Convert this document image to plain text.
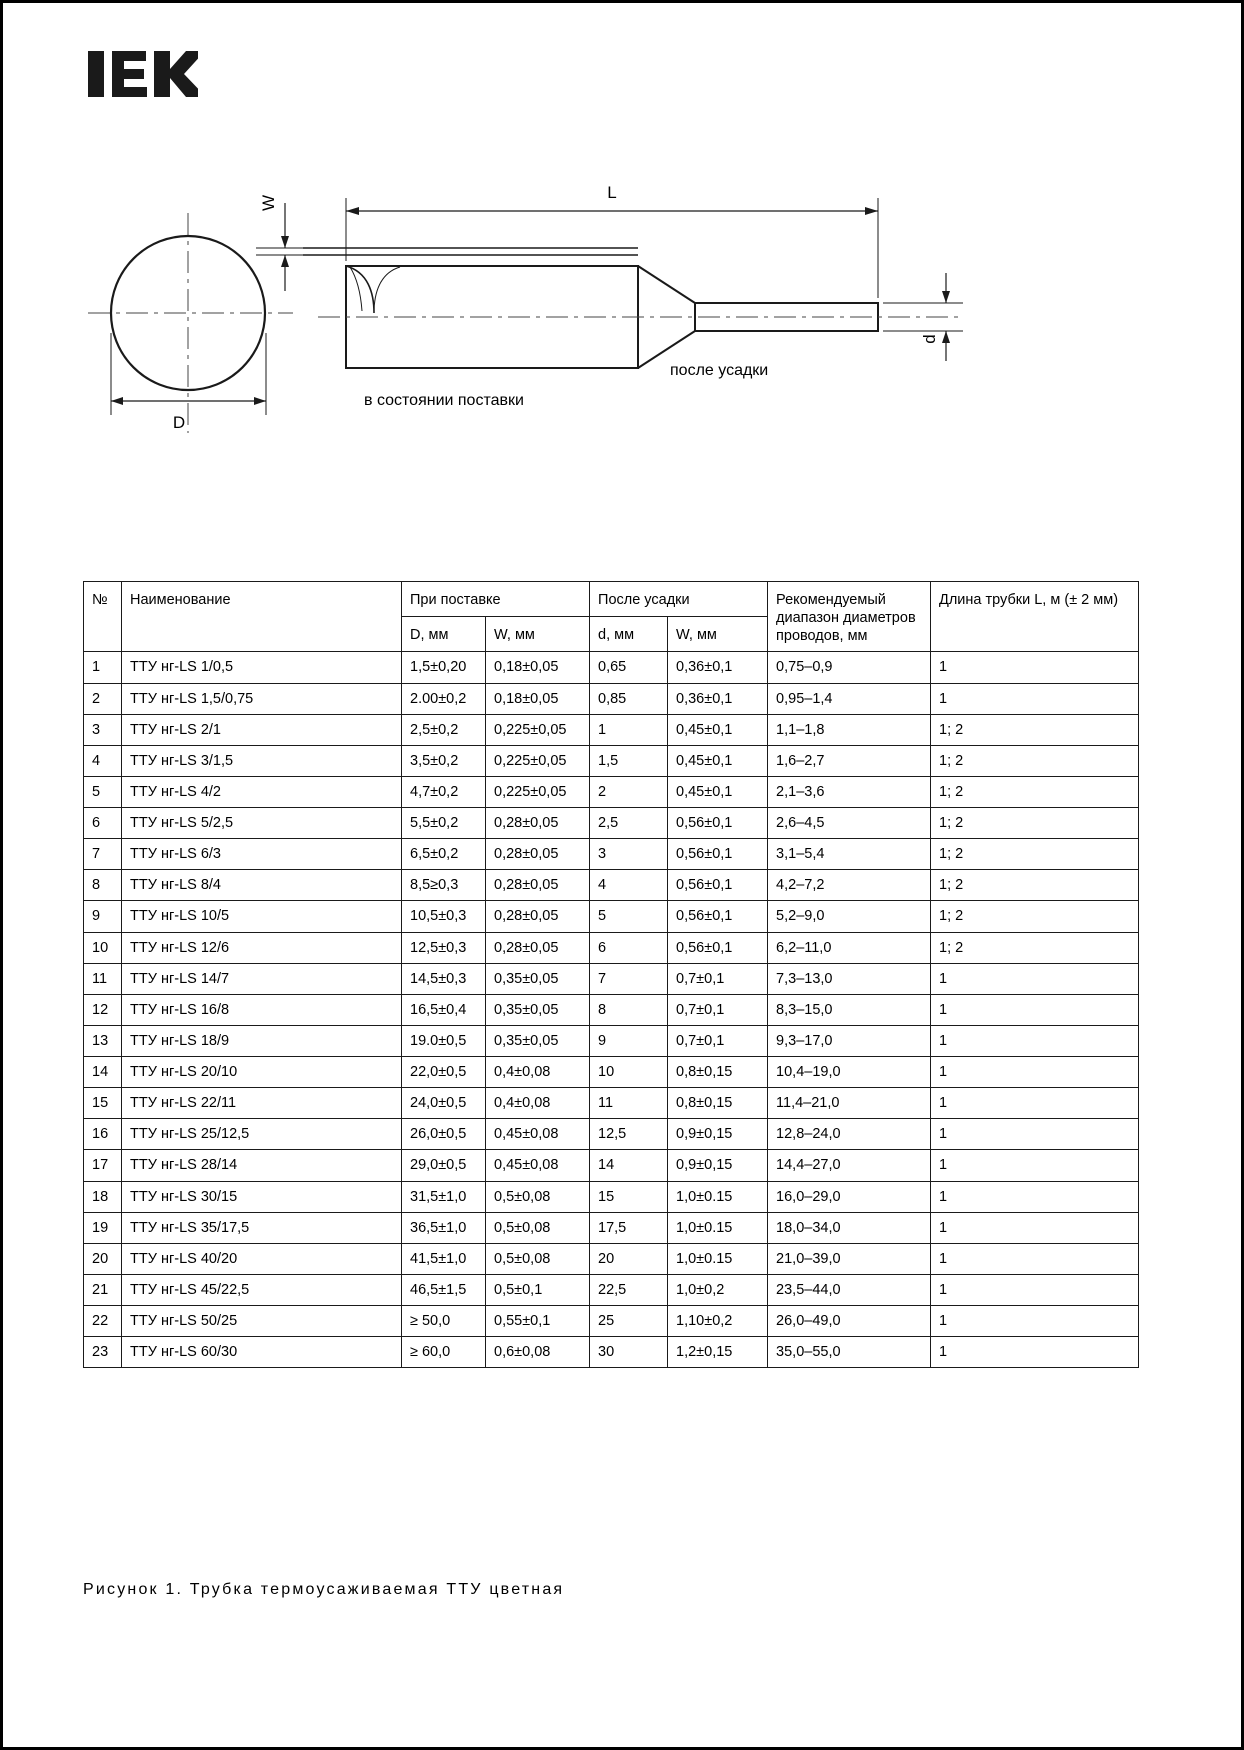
D
L
W
d
в состоянии поставки
после усадки
№	Наименование	При поставке		После усадки		Рекомендуемый диапазон диаметров проводов, мм	Длина трубки L, м (± 2 мм)
		D, мм	W, мм	d, мм	W, мм		
1	ТТУ нг-LS 1/0,5	1,5±0,20	0,18±0,05	0,65	0,36±0,1	0,75–0,9	1
2	ТТУ нг-LS 1,5/0,75	2.00±0,2	0,18±0,05	0,85	0,36±0,1	0,95–1,4	1
3	ТТУ нг-LS 2/1	2,5±0,2	0,225±0,05	1	0,45±0,1	1,1–1,8	1; 2
4	ТТУ нг-LS 3/1,5	3,5±0,2	0,225±0,05	1,5	0,45±0,1	1,6–2,7	1; 2
5	ТТУ нг-LS 4/2	4,7±0,2	0,225±0,05	2	0,45±0,1	2,1–3,6	1; 2
6	ТТУ нг-LS 5/2,5	5,5±0,2	0,28±0,05	2,5	0,56±0,1	2,6–4,5	1; 2
7	ТТУ нг-LS 6/3	6,5±0,2	0,28±0,05	3	0,56±0,1	3,1–5,4	1; 2
8	ТТУ нг-LS 8/4	8,5≥0,3	0,28±0,05	4	0,56±0,1	4,2–7,2	1; 2
9	ТТУ нг-LS 10/5	10,5±0,3	0,28±0,05	5	0,56±0,1	5,2–9,0	1; 2
10	ТТУ нг-LS 12/6	12,5±0,3	0,28±0,05	6	0,56±0,1	6,2–11,0	1; 2
11	ТТУ нг-LS 14/7	14,5±0,3	0,35±0,05	7	0,7±0,1	7,3–13,0	1
12	ТТУ нг-LS 16/8	16,5±0,4	0,35±0,05	8	0,7±0,1	8,3–15,0	1
13	ТТУ нг-LS 18/9	19.0±0,5	0,35±0,05	9	0,7±0,1	9,3–17,0	1
14	ТТУ нг-LS 20/10	22,0±0,5	0,4±0,08	10	0,8±0,15	10,4–19,0	1
15	ТТУ нг-LS 22/11	24,0±0,5	0,4±0,08	11	0,8±0,15	11,4–21,0	1
16	ТТУ нг-LS 25/12,5	26,0±0,5	0,45±0,08	12,5	0,9±0,15	12,8–24,0	1
17	ТТУ нг-LS 28/14	29,0±0,5	0,45±0,08	14	0,9±0,15	14,4–27,0	1
18	ТТУ нг-LS 30/15	31,5±1,0	0,5±0,08	15	1,0±0.15	16,0–29,0	1
19	ТТУ нг-LS 35/17,5	36,5±1,0	0,5±0,08	17,5	1,0±0.15	18,0–34,0	1
20	ТТУ нг-LS 40/20	41,5±1,0	0,5±0,08	20	1,0±0.15	21,0–39,0	1
21	ТТУ нг-LS 45/22,5	46,5±1,5	0,5±0,1	22,5	1,0±0,2	23,5–44,0	1
22	ТТУ нг-LS 50/25	≥ 50,0	0,55±0,1	25	1,10±0,2	26,0–49,0	1
23	ТТУ нг-LS 60/30	≥ 60,0	0,6±0,08	30	1,2±0,15	35,0–55,0	1
Рисунок 1. Трубка термоусаживаемая ТТУ цветная
